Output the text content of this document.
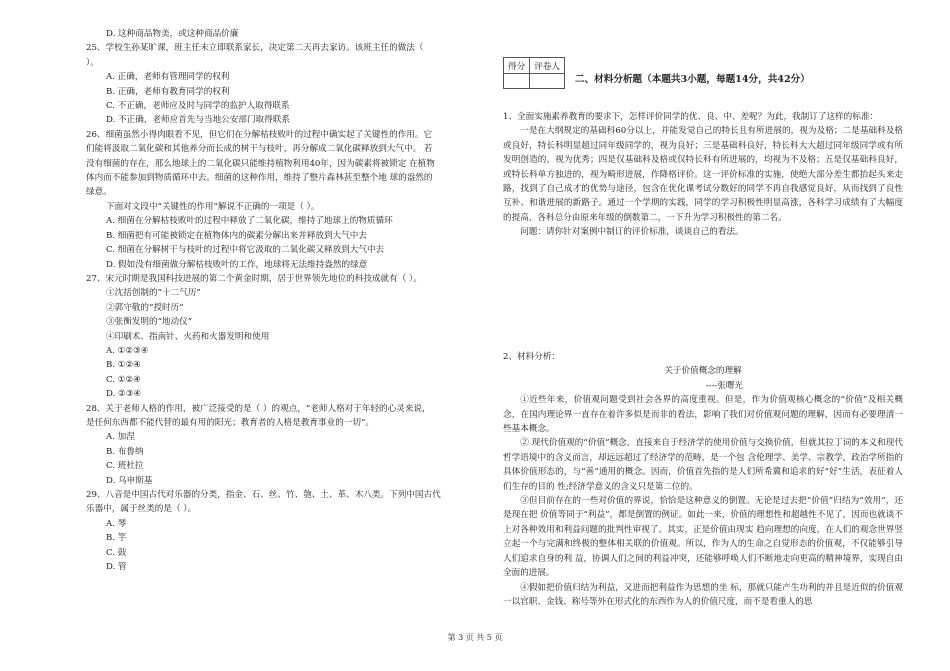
D. 这种商品物美，或这种商品价廉

25、学校生孙某旷课，班主任未立即联系家长，决定第二天再去家访。该班主任的做法（

）。

A. 正确，老师有管理同学的权利

B. 正确，老师有教育同学的权利

C. 不正确，老师应及时与同学的监护人取得联系

D. 不正确，老师应首先与当地公安部门取得联系

26、细菌虽然小得肉眼看不见，但它们在分解枯枝败叶的过程中确实起了关键性的作用。它

们能将汲取二氧化碳和其他养分而长成的树干与枝叶，再分解成二氧化碳释放到大气中。 若

没有细菌的存在，那么地球上的二氧化碳只能维持植物利用40年，因为碳素将被锁定 在植物

体内而不能参加到物质循环中去。细菌的这种作用，维持了整片森林甚至整个地 球的盎然的

绿意。

下面对文段中“关键性的作用”解说不正确的一项是（ ）。

A. 细菌在分解枯枝败叶的过程中释放了二氧化碳，维持了地球上的物质循环

B. 细菌把有可能被锁定在植物体内的碳素分解出来并释放到大气中去

C. 细菌在分解树干与枝叶的过程中将它汲取的二氧化碳又释放到大气中去

D. 假如没有细菌做分解枯枝败叶的工作，地球将无法维持盎然的绿意

27、宋元时期是我国科技进展的第二个黄金时期，居于世界领先地位的科技成就有（ ）。

①沈括创制的“十二气历”

②郭守敬的“授时历”

③张衡发明的“地动仪”

④印刷术、指南针、火药和火器发明和使用

A. ①②③④

B. ①②④

C. ①②④

D. ②③④

28、关于老师人格的作用，被广泛接受的是（ ）的观点，“老师人格对于年轻的心灵来说，

是任何东西都不能代替的最有用的阳光；教育者的人格是教育事业的一切”。

A. 加涅

B. 布鲁纳

C. 班杜拉

D. 乌申斯基

29、八音是中国古代对乐器的分类，指金、石、丝、竹、匏、土、革、木八类。下列中国古代

乐器中，属于丝类的是（ ）。

A. 琴

B. 竽

C. 鼓

D. 管

得分	评卷人

二、材料分析题（本题共3小题，每题14分，共42分）

1、全面实施素养教育的要求下，怎样评价同学的优、良、中、差呢？为此，我制订了这样的标准：

一是在大纲规定的基础科60分以上，并能发觉自己的特长且有所进展的，视为及格；二是基础科及格或良好，特长科明显超过同年级同学的，视为良好；三是基础科良好，特长科大大超过同年级同学或有所发明创造的，视为优秀；四是仅基础科及格或仅特长科有所进展的，均视为不及格；五是仅基础科良好，或特长科单方独进的，视为畸形进展，作降格评价。这一评价标准的实施，使绝大部分差生都抬起头来走路，找到了自己成才的优势与途径，包含在优化课考试分数好的同学不再自我感觉良好，从而找到了良性互补、和谐进展的新路子。通过一个学期的实践，同学的学习积极性明显高涨，各科学习成绩有了大幅度的提高，各科总分由原来年级的倒数第二，一下升为学习积极性的第二名。

问题：请你针对案例中制订的评价标准，谈谈自己的看法。

2、材料分析：

关于价值概念的理解

----张曙光

①近些年来，价值观问题受到社会各界的高度重视。但是，作为价值观核心概念的“价值”及相关概念，在国内理论界一直存在着许多似是而非的看法，影响了我们对价值观问题的理解，因而有必要理清一些基本概念。

② 现代价值观的“价值”概念，直接来自于经济学的使用价值与交换价值，但就其拉丁词的本义和现代哲学语境中的含义而言，却远远超过了经济学的范畴，是一个包 含伦理学、美学、宗教学，政治学所指的具体价值形态的，与“善”通用的概念。因而，价值首先指的是人们所希冀和追求的好“好”生活，表征着人们生存的目的 性;经济学意义的含义只是第二位的。

③但目前存在的一些对价值的界说，恰恰是这种意义的倒置。无论是过去把“价值”归结为“效用”，还是现在把 价值等同于“利益”，都是倒置的例证。如此一来，价值的理想性和超越性不见了，因而也就谈不上对各种效用和利益问题的批判性审视了。其实，正是价值由现实 趋向理想的向度，在人们的观念世界竖立起一个与完满和终极的整体相关联的价值观。所以，作为人的生命之自觉形态的价值观，不仅能够引导人们追求自身的利 益，协调人们之间的利益冲突，还能够呼唤人们不断地走向更高的精神境界，实现自由全面的进展。

④假如把价值归结为利益，又进而把利益作为思想的坐 标，那就只能产生功利的并且是近似的价值观一以官职、金钱、称号等外在形式化的东西作为人的价值尺度，而不是看重人的思

第 3 页 共 5 页
